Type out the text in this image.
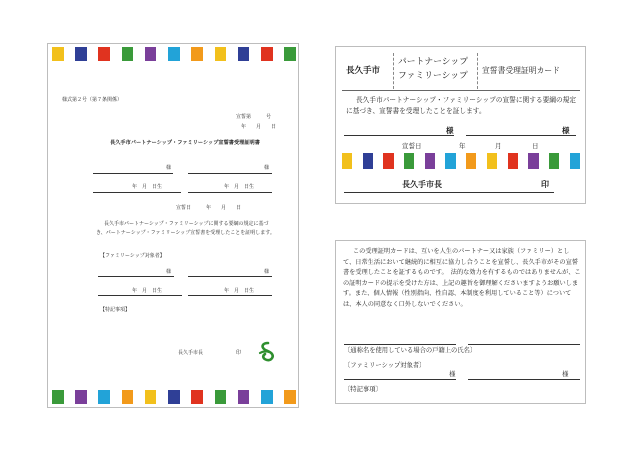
様式第２号（第７条関係）
宣誓第　　　号
年　　月　　日
長久手市パートナーシップ・ファミリーシップ宣誓書受理証明書
様	様
年　月　日生	年　月　日生
宣誓日　　　年　　月　　日
長久手市パートナーシップ・ファミリーシップに関する要綱の規定に基づき、パートナーシップ・ファミリーシップ宣誓書を受理したことを証明します。
【ファミリーシップ対象者】
様	様
年　月　日生	年　月　日生
【特記事項】
長久手市長	印
長久手市
パートナーシップ
ファミリーシップ
宣誓書受理証明カード
長久手市パートナーシップ・ファミリーシップの宣誓に関する要綱の規定に基づき、宣誓書を受理したことを証します。
様	様
宣誓日	年	月	日
長久手市長	印
この受理証明カードは、互いを人生のパートナー又は家族（ファミリー）として、日常生活において継続的に相互に協力し合うことを宣誓し、長久手市がその宣誓書を受理したことを証するものです。　法的な効力を有するものではありませんが、この証明カードの提示を受けた方は、上記の趣旨を御理解くださいますようお願いします。また、個人情報（性別指向、性自認、本制度を利用していること等）については、本人の同意なく口外しないでください。
〔通称名を使用している場合の戸籍上の氏名〕
〔ファミリーシップ対象者〕
様	様
〔特記事項〕
